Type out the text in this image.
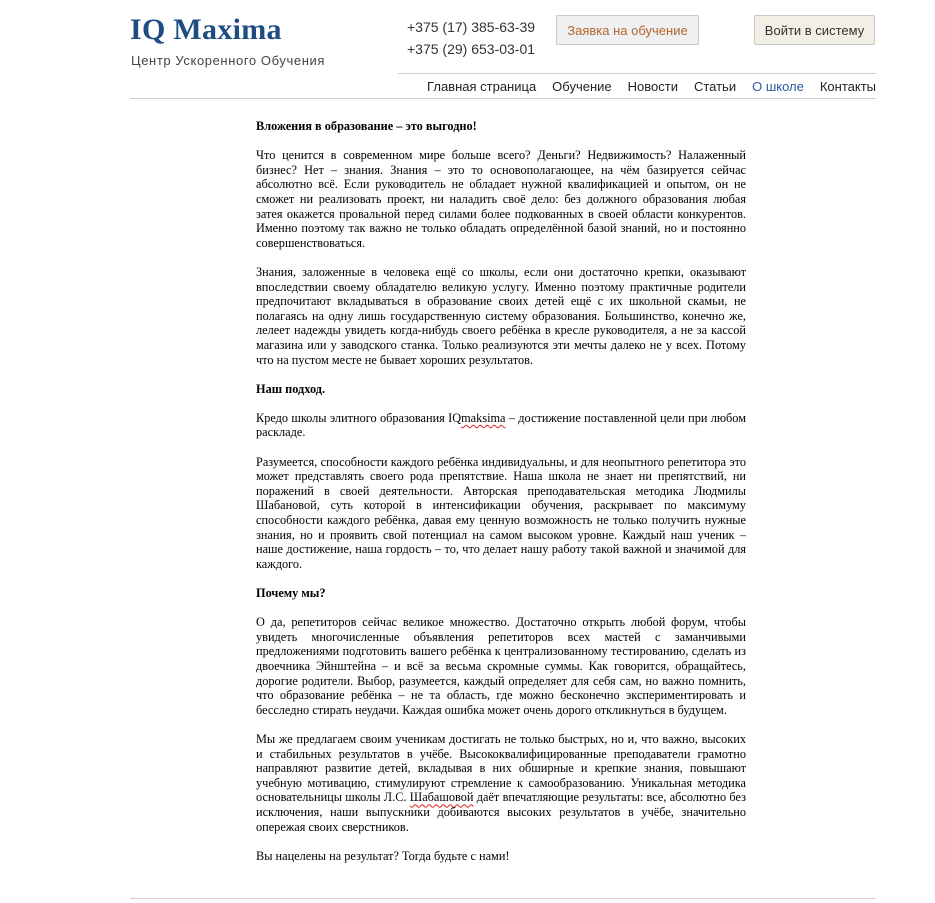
IQ Maxima
Центр Ускоренного Обучения
+375 (17) 385-63-39
+375 (29) 653-03-01
Заявка на обучение	Войти в систему
Главная страница Обучение Новости Статьи О школе Контакты

Вложения в образование – это выгодно!

Что ценится в современном мире больше всего? Деньги? Недвижимость? Налаженный бизнес? Нет – знания. Знания – это то основополагающее, на чём базируется сейчас абсолютно всё. Если руководитель не обладает нужной квалификацией и опытом, он не сможет ни реализовать проект, ни наладить своё дело: без должного образования любая затея окажется провальной перед силами более подкованных в своей области конкурентов. Именно поэтому так важно не только обладать определённой базой знаний, но и постоянно совершенствоваться.

Знания, заложенные в человека ещё со школы, если они достаточно крепки, оказывают впоследствии своему обладателю великую услугу. Именно поэтому практичные родители предпочитают вкладываться в образование своих детей ещё с их школьной скамьи, не полагаясь на одну лишь государственную систему образования. Большинство, конечно же, лелеет надежды увидеть когда-нибудь своего ребёнка в кресле руководителя, а не за кассой магазина или у заводского станка. Только реализуются эти мечты далеко не у всех. Потому что на пустом месте не бывает хороших результатов.

Наш подход.

Кредо школы элитного образования IQmaksima – достижение поставленной цели при любом раскладе.

Разумеется, способности каждого ребёнка индивидуальны, и для неопытного репетитора это может представлять своего рода препятствие. Наша школа не знает ни препятствий, ни поражений в своей деятельности. Авторская преподавательская методика Людмилы Шабановой, суть которой в интенсификации обучения, раскрывает по максимуму способности каждого ребёнка, давая ему ценную возможность не только получить нужные знания, но и проявить свой потенциал на самом высоком уровне. Каждый наш ученик – наше достижение, наша гордость – то, что делает нашу работу такой важной и значимой для каждого.

Почему мы?

О да, репетиторов сейчас великое множество. Достаточно открыть любой форум, чтобы увидеть многочисленные объявления репетиторов всех мастей с заманчивыми предложениями подготовить вашего ребёнка к централизованному тестированию, сделать из двоечника Эйнштейна – и всё за весьма скромные суммы. Как говорится, обращайтесь, дорогие родители. Выбор, разумеется, каждый определяет для себя сам, но важно помнить, что образование ребёнка – не та область, где можно бесконечно экспериментировать и бесследно стирать неудачи. Каждая ошибка может очень дорого откликнуться в будущем.

Мы же предлагаем своим ученикам достигать не только быстрых, но и, что важно, высоких и стабильных результатов в учёбе. Высококвалифицированные преподаватели грамотно направляют развитие детей, вкладывая в них обширные и крепкие знания, повышают учебную мотивацию, стимулируют стремление к самообразованию. Уникальная методика основательницы школы Л.С. Шабашовой даёт впечатляющие результаты: все, абсолютно без исключения, наши выпускники добиваются высоких результатов в учёбе, значительно опережая своих сверстников.

Вы нацелены на результат? Тогда будьте с нами!
